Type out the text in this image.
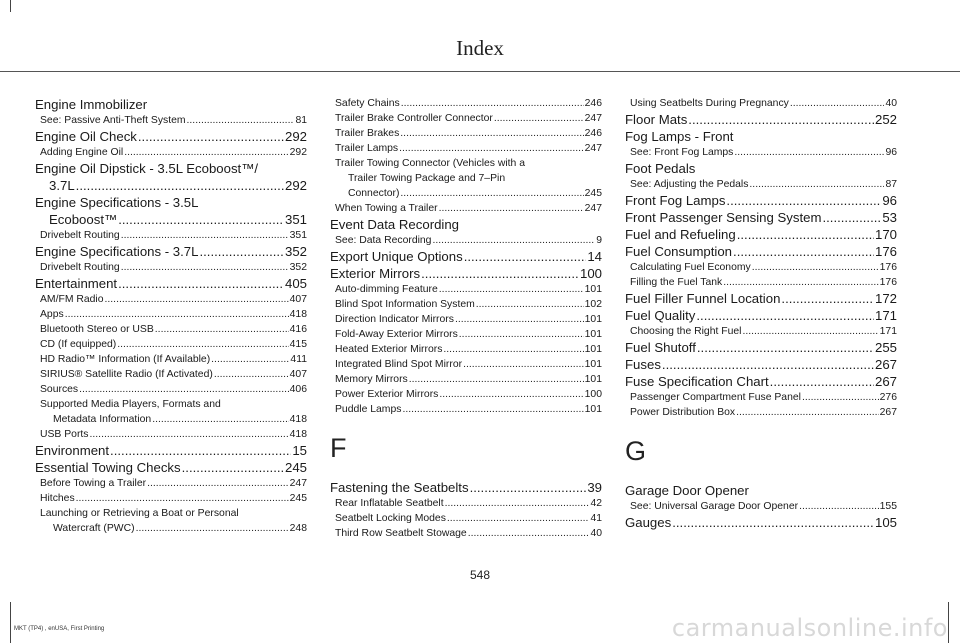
Index
Engine Immobilizer
See: Passive Anti-Theft System .....	81
Engine Oil Check .....	292
Adding Engine Oil .....	292
Engine Oil Dipstick - 3.5L Ecoboost™/
3.7L .....	292
Engine Specifications - 3.5L
Ecoboost™ .....	351
Drivebelt Routing .....	351
Engine Specifications - 3.7L .....	352
Drivebelt Routing .....	352
Entertainment .....	405
AM/FM Radio .....	407
Apps .....	418
Bluetooth Stereo or USB .....	416
CD (If equipped) .....	415
HD Radio™ Information (If Available) .....	411
SIRIUS® Satellite Radio (If Activated) .....	407
Sources .....	406
Supported Media Players, Formats and
Metadata Information .....	418
USB Ports .....	418
Environment .....	15
Essential Towing Checks .....	245
Before Towing a Trailer .....	247
Hitches .....	245
Launching or Retrieving a Boat or Personal
Watercraft (PWC) .....	248
Safety Chains .....	246
Trailer Brake Controller Connector .....	247
Trailer Brakes .....	246
Trailer Lamps .....	247
Trailer Towing Connector (Vehicles with a
Trailer Towing Package and 7–Pin
Connector) .....	245
When Towing a Trailer .....	247
Event Data Recording
See: Data Recording .....	9
Export Unique Options .....	14
Exterior Mirrors .....	100
Auto-dimming Feature .....	101
Blind Spot Information System .....	102
Direction Indicator Mirrors .....	101
Fold-Away Exterior Mirrors .....	101
Heated Exterior Mirrors .....	101
Integrated Blind Spot Mirror .....	101
Memory Mirrors .....	101
Power Exterior Mirrors .....	100
Puddle Lamps .....	101
F
Fastening the Seatbelts .....	39
Rear Inflatable Seatbelt .....	42
Seatbelt Locking Modes .....	41
Third Row Seatbelt Stowage .....	40
Using Seatbelts During Pregnancy .....	40
Floor Mats .....	252
Fog Lamps - Front
See: Front Fog Lamps .....	96
Foot Pedals
See: Adjusting the Pedals .....	87
Front Fog Lamps .....	96
Front Passenger Sensing System .....	53
Fuel and Refueling .....	170
Fuel Consumption .....	176
Calculating Fuel Economy .....	176
Filling the Fuel Tank .....	176
Fuel Filler Funnel Location .....	172
Fuel Quality .....	171
Choosing the Right Fuel .....	171
Fuel Shutoff .....	255
Fuses .....	267
Fuse Specification Chart .....	267
Passenger Compartment Fuse Panel .....	276
Power Distribution Box .....	267
G
Garage Door Opener
See: Universal Garage Door Opener .....	155
Gauges .....	105
548
MKT (TP4) , enUSA, First Printing	carmanualsonline.info
